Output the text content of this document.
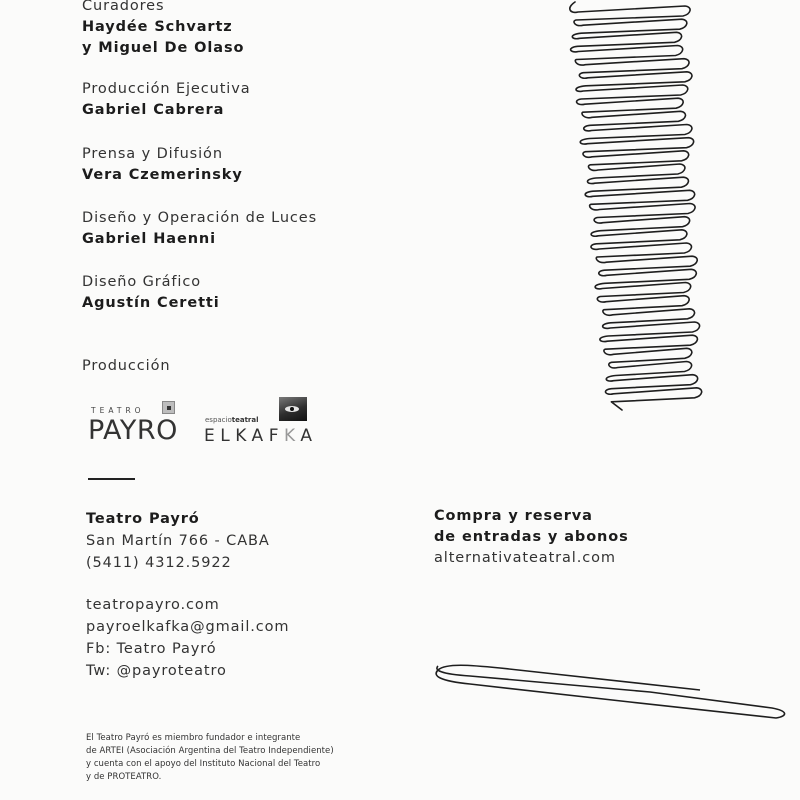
Curadores
Haydée Schvartz
y Miguel De Olaso
Producción Ejecutiva
Gabriel Cabrera
Prensa y Difusión
Vera Czemerinsky
Diseño y Operación de Luces
Gabriel Haenni
Diseño Gráfico
Agustín Ceretti
Producción
TEATRO
PAYRO	espacioteatral
ELKAFKA
Teatro Payró
San Martín 766 - CABA
(5411) 4312.5922
teatropayro.com
payroelkafka@gmail.com
Fb: Teatro Payró
Tw: @payroteatro
Compra y reserva
de entradas y abonos
alternativateatral.com
El Teatro Payró es miembro fundador e integrante
de ARTEI (Asociación Argentina del Teatro Independiente)
y cuenta con el apoyo del Instituto Nacional del Teatro
y de PROTEATRO.
